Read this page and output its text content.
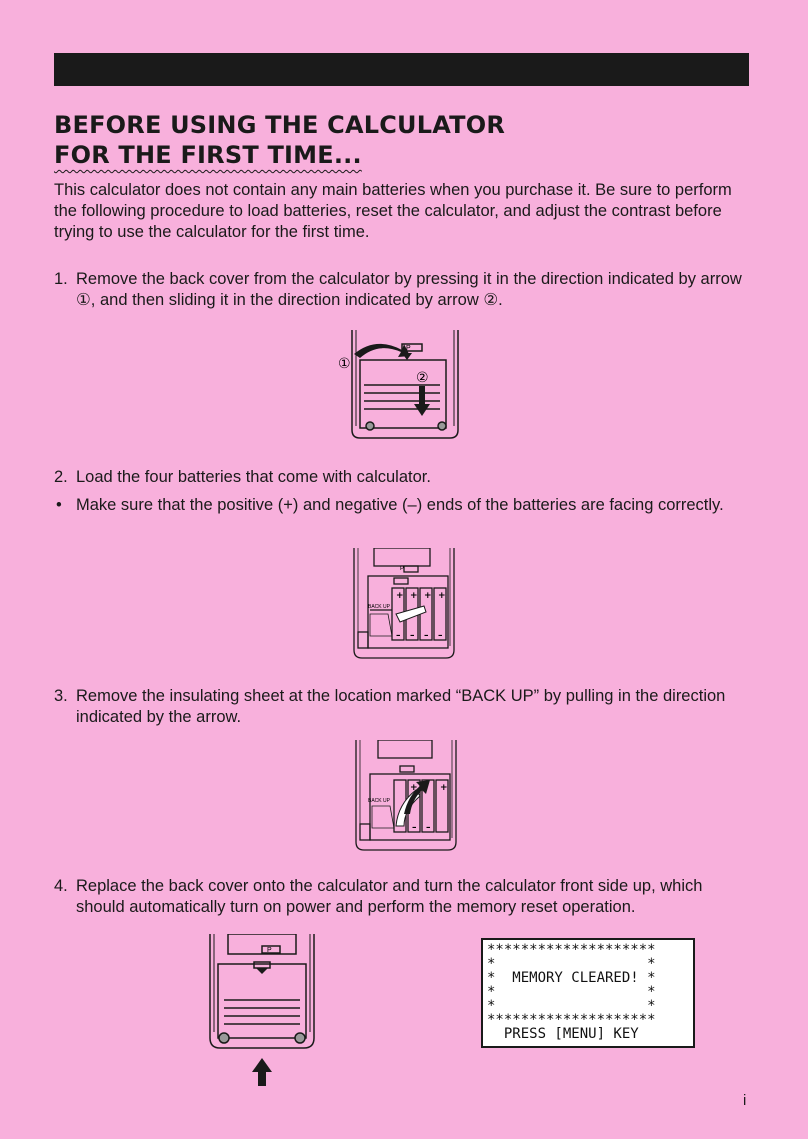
BEFORE USING THE CALCULATOR
FOR THE FIRST TIME...

This calculator does not contain any main batteries when you purchase it. Be sure to perform the following procedure to load batteries, reset the calculator, and adjust the contrast before trying to use the calculator for the first time.

1. Remove the back cover from the calculator by pressing it in the direction indicated by arrow ①, and then sliding it in the direction indicated by arrow ②.

P
①
②

2. Load the four batteries that come with calculator.

• Make sure that the positive (+) and negative (–) ends of the batteries are facing correctly.

+ + + +
– – – –
BACK UP
P

3. Remove the insulating sheet at the location marked “BACK UP” by pulling in the direction indicated by the arrow.

+ +
– –
BACK UP

4. Replace the back cover onto the calculator and turn the calculator front side up, which should automatically turn on power and perform the memory reset operation.

P	********************
*                  *
*  MEMORY CLEARED! *
*                  *
*                  *
********************
PRESS [MENU] KEY
i
